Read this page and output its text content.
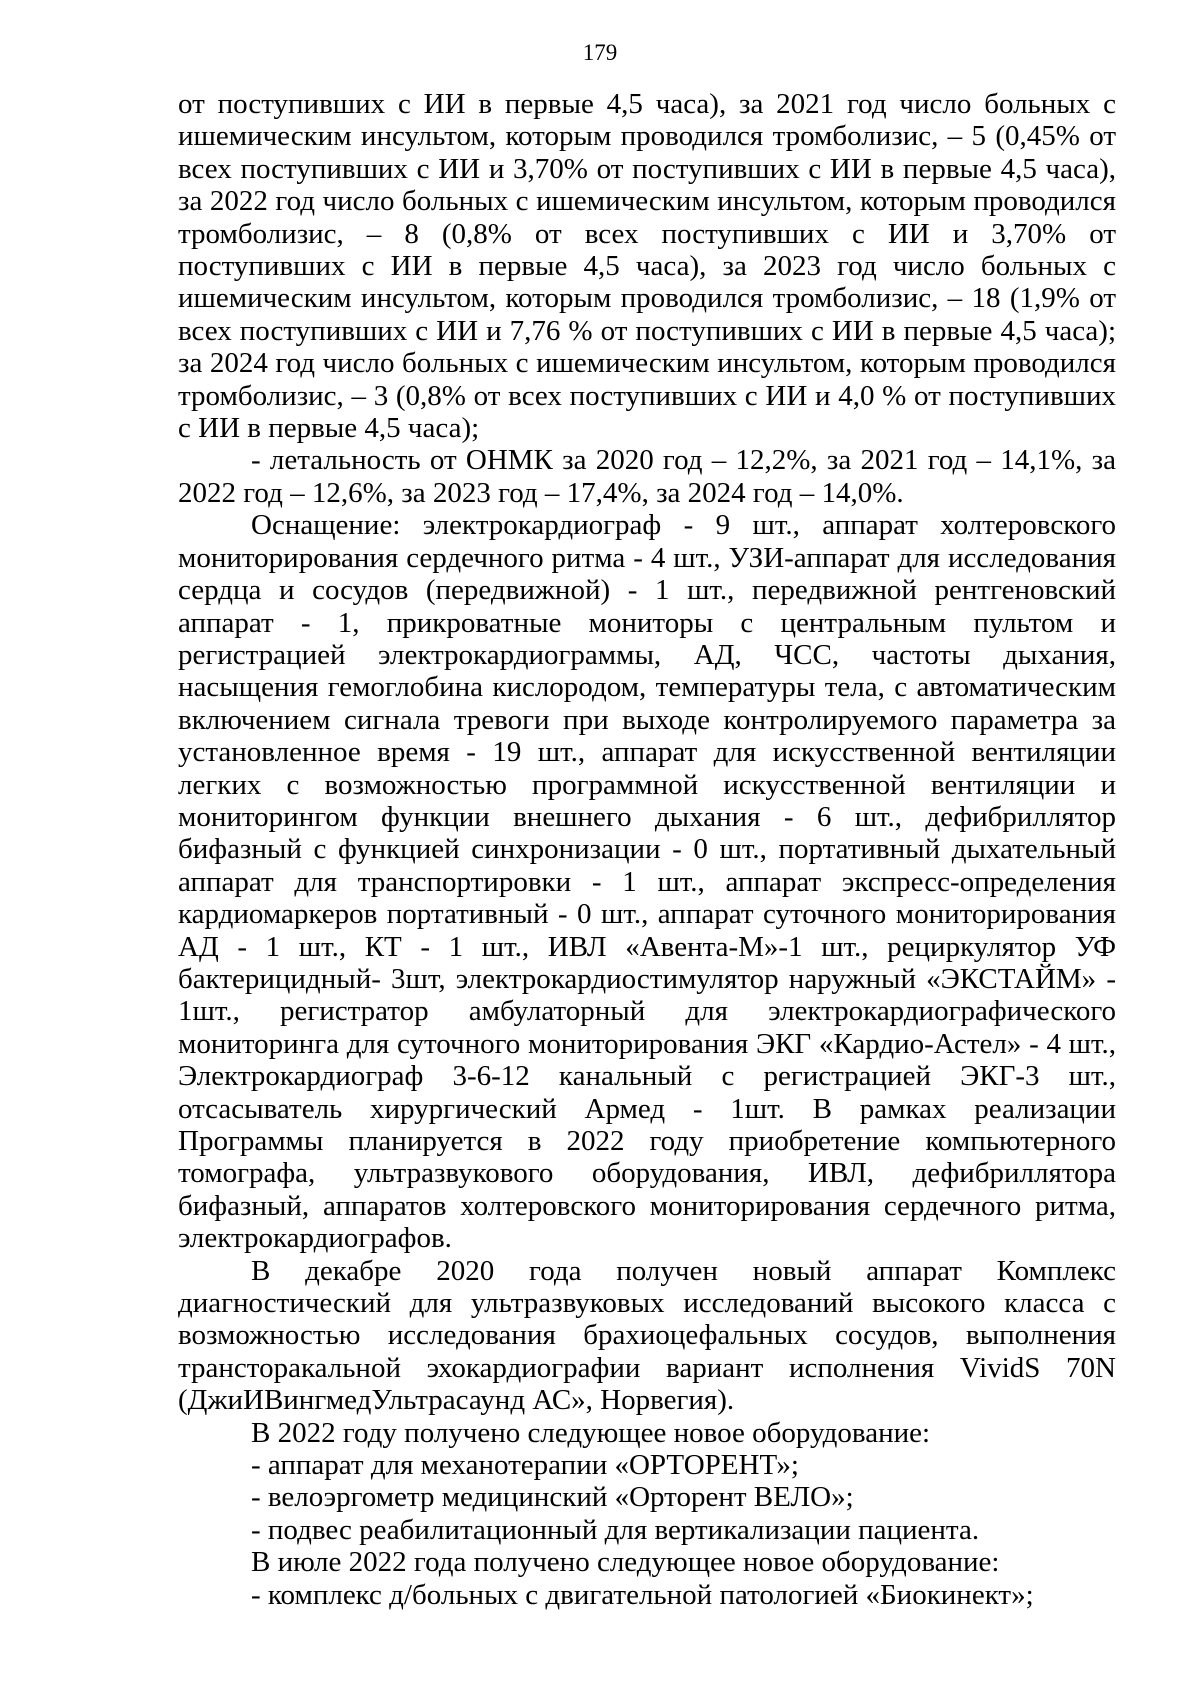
179

от поступивших с ИИ в первые 4,5 часа), за 2021 год число больных с ишемическим инсультом, которым проводился тромболизис, – 5 (0,45% от всех поступивших с ИИ и 3,70% от поступивших с ИИ в первые 4,5 часа), за 2022 год число больных с ишемическим инсультом, которым проводился тромболизис, – 8 (0,8% от всех поступивших с ИИ и 3,70% от поступивших с ИИ в первые 4,5 часа), за 2023 год число больных с ишемическим инсультом, которым проводился тромболизис, – 18 (1,9% от всех поступивших с ИИ и 7,76 % от поступивших с ИИ в первые 4,5 часа); за 2024 год число больных с ишемическим инсультом, которым проводился тромболизис, – 3 (0,8% от всех поступивших с ИИ и 4,0 % от поступивших с ИИ в первые 4,5 часа);

- летальность от ОНМК за 2020 год – 12,2%, за 2021 год – 14,1%, за 2022 год – 12,6%, за 2023 год – 17,4%, за 2024 год – 14,0%.

Оснащение: электрокардиограф - 9 шт., аппарат холтеровского мониторирования сердечного ритма - 4 шт., УЗИ-аппарат для исследования сердца и сосудов (передвижной) - 1 шт., передвижной рентгеновский аппарат - 1, прикроватные мониторы с центральным пультом и регистрацией электрокардиограммы, АД, ЧСС, частоты дыхания, насыщения гемоглобина кислородом, температуры тела, с автоматическим включением сигнала тревоги при выходе контролируемого параметра за установленное время - 19 шт., аппарат для искусственной вентиляции легких с возможностью программной искусственной вентиляции и мониторингом функции внешнего дыхания - 6 шт., дефибриллятор бифазный с функцией синхронизации - 0 шт., портативный дыхательный аппарат для транспортировки - 1 шт., аппарат экспресс-определения кардиомаркеров портативный - 0 шт., аппарат суточного мониторирования АД - 1 шт., КТ - 1 шт., ИВЛ «Авента-М»-1 шт., рециркулятор УФ бактерицидный- 3шт, электрокардиостимулятор наружный «ЭКСТАЙМ» - 1шт., регистратор амбулаторный для электрокардиографического мониторинга для суточного мониторирования ЭКГ «Кардио-Астел» - 4 шт., Электрокардиограф 3-6-12 канальный с регистрацией ЭКГ-3 шт., отсасыватель хирургический Армед - 1шт. В рамках реализации Программы планируется в 2022 году приобретение компьютерного томографа, ультразвукового оборудования, ИВЛ, дефибриллятора бифазный, аппаратов холтеровского мониторирования сердечного ритма, электрокардиографов.

В декабре 2020 года получен новый аппарат Комплекс диагностический для ультразвуковых исследований высокого класса с возможностью исследования брахиоцефальных сосудов, выполнения трансторакальной эхокардиографии вариант исполнения VividS 70N (ДжиИВингмедУльтрасаунд АС», Норвегия).

В 2022 году получено следующее новое оборудование:

- аппарат для механотерапии «ОРТОРЕНТ»;

- велоэргометр медицинский «Орторент ВЕЛО»;

- подвес реабилитационный для вертикализации пациента.

В июле 2022 года получено следующее новое оборудование:

- комплекс д/больных с двигательной патологией «Биокинект»;
